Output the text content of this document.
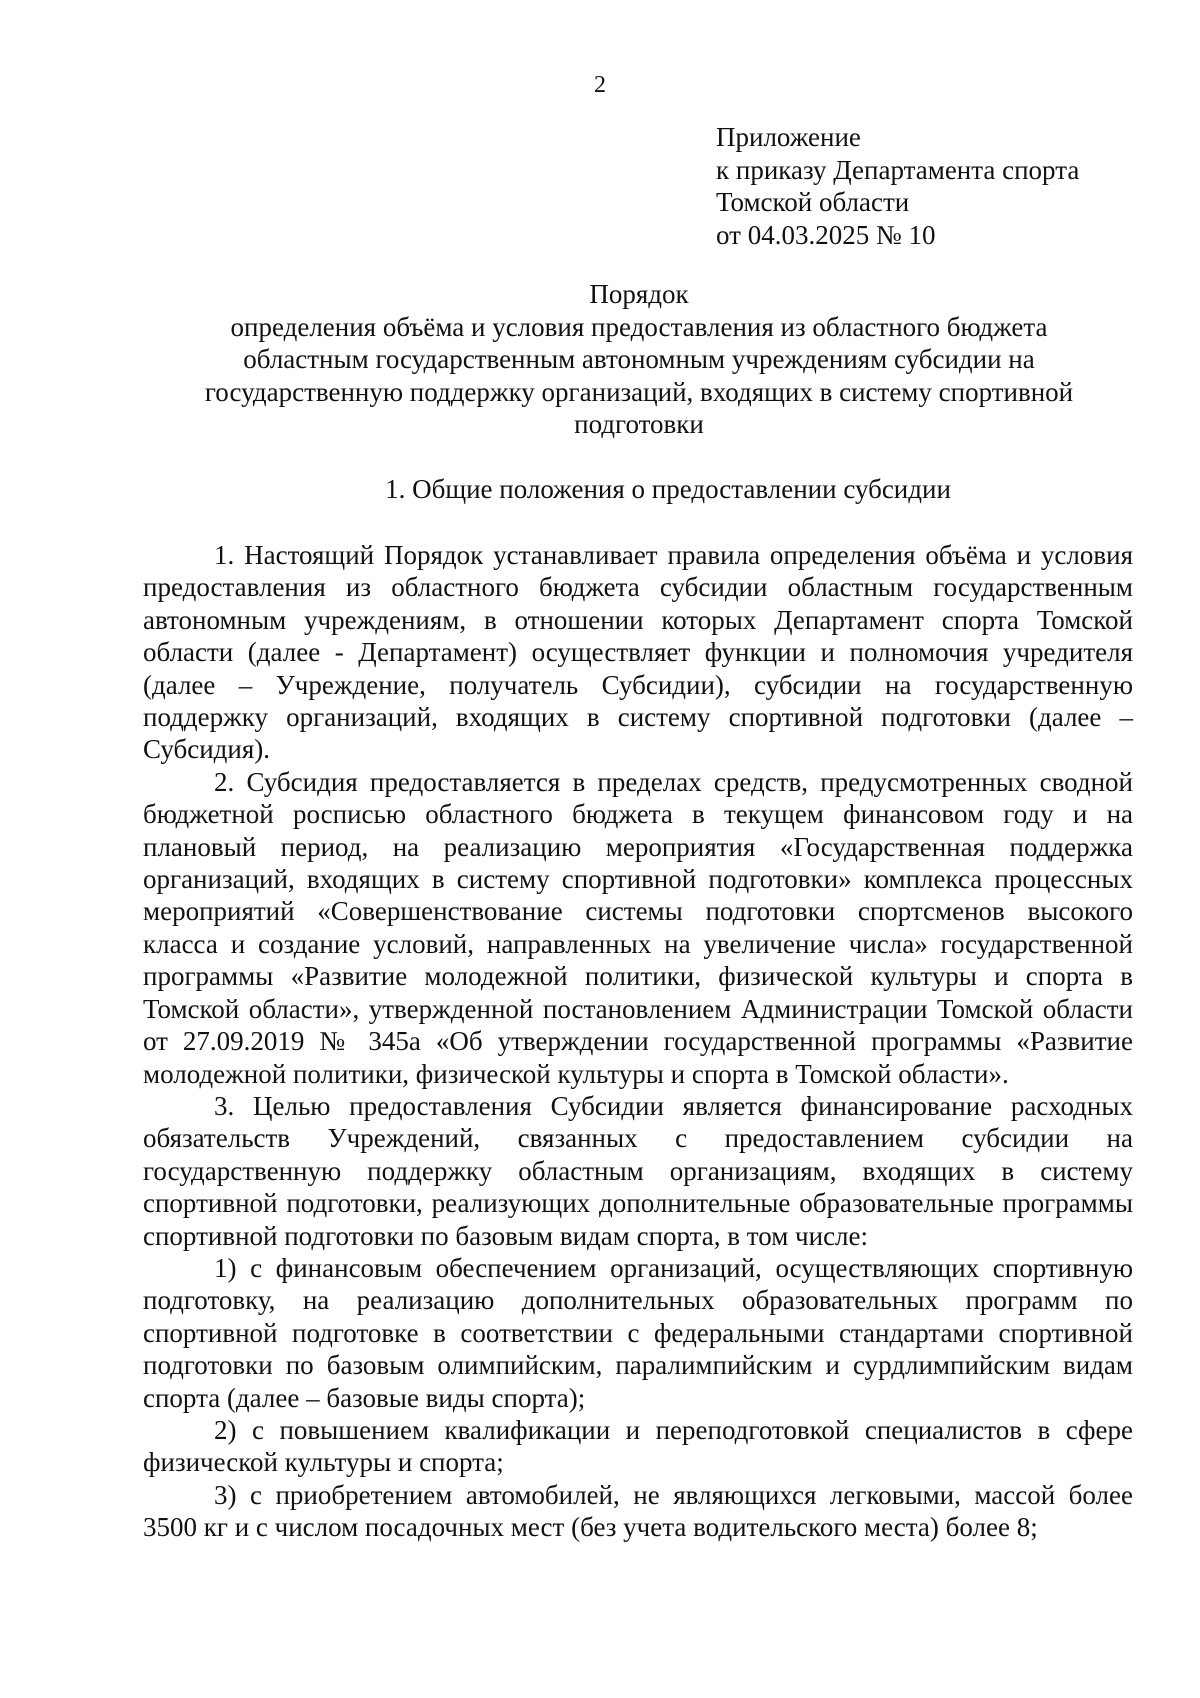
2
Приложение
к приказу Департамента спорта
Томской области
от 04.03.2025 № 10
Порядок
определения объёма и условия предоставления из областного бюджета областным государственным автономным учреждениям субсидии на государственную поддержку организаций, входящих в систему спортивной подготовки
1. Общие положения о предоставлении субсидии

1. Настоящий Порядок устанавливает правила определения объёма и условия предоставления из областного бюджета субсидии областным государственным автономным учреждениям, в отношении которых Департамент спорта Томской области (далее - Департамент) осуществляет функции и полномочия учредителя (далее – Учреждение, получатель Субсидии), субсидии на государственную поддержку организаций, входящих в систему спортивной подготовки (далее – Субсидия).

2. Субсидия предоставляется в пределах средств, предусмотренных сводной бюджетной росписью областного бюджета в текущем финансовом году и на плановый период, на реализацию мероприятия «Государственная поддержка организаций, входящих в систему спортивной подготовки» комплекса процессных мероприятий «Совершенствование системы подготовки спортсменов высокого класса и создание условий, направленных на увеличение числа» государственной программы «Развитие молодежной политики, физической культуры и спорта в Томской области», утвержденной постановлением Администрации Томской области от 27.09.2019 № 345а «Об утверждении государственной программы «Развитие молодежной политики, физической культуры и спорта в Томской области».

3. Целью предоставления Субсидии является финансирование расходных обязательств Учреждений, связанных с предоставлением субсидии на государственную поддержку областным организациям, входящих в систему спортивной подготовки, реализующих дополнительные образовательные программы спортивной подготовки по базовым видам спорта, в том числе:

1) с финансовым обеспечением организаций, осуществляющих спортивную подготовку, на реализацию дополнительных образовательных программ по спортивной подготовке в соответствии с федеральными стандартами спортивной подготовки по базовым олимпийским, паралимпийским и сурдлимпийским видам спорта (далее – базовые виды спорта);

2) с повышением квалификации и переподготовкой специалистов в сфере физической культуры и спорта;

3) с приобретением автомобилей, не являющихся легковыми, массой более 3500 кг и с числом посадочных мест (без учета водительского места) более 8;
